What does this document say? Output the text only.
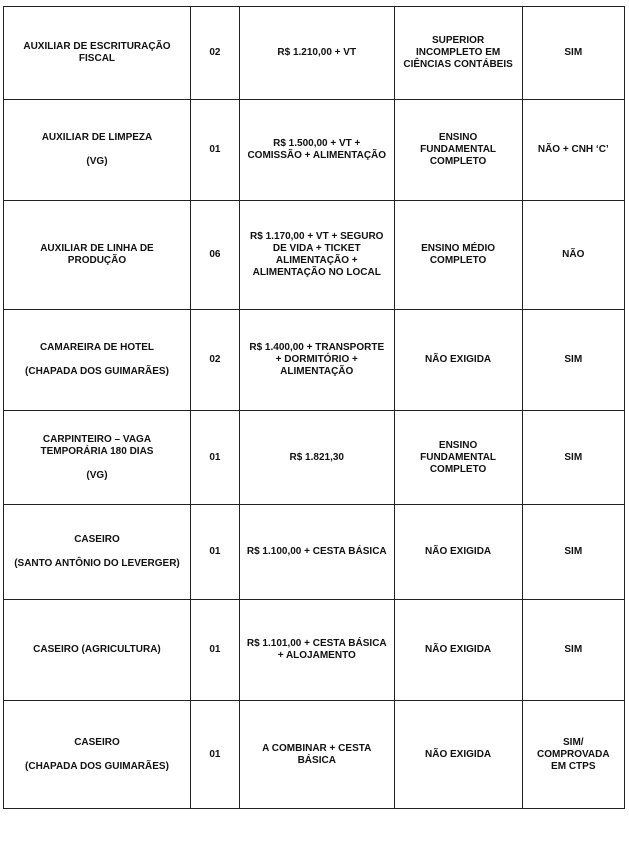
AUXILIAR DE ESCRITURAÇÃO FISCAL	02	R$ 1.210,00 + VT	SUPERIOR INCOMPLETO EM CIÊNCIAS CONTÁBEIS	SIM

AUXILIAR DE LIMPEZA
(VG)	01	R$ 1.500,00 + VT + COMISSÃO + ALIMENTAÇÃO	ENSINO FUNDAMENTAL COMPLETO	NÃO + CNH ‘C’

AUXILIAR DE LINHA DE PRODUÇÃO	06	R$ 1.170,00 + VT + SEGURO DE VIDA + TICKET ALIMENTAÇÃO + ALIMENTAÇÃO NO LOCAL	ENSINO MÉDIO COMPLETO	NÃO

CAMAREIRA DE HOTEL
(CHAPADA DOS GUIMARÃES)	02	R$ 1.400,00 + TRANSPORTE + DORMITÓRIO + ALIMENTAÇÃO	NÃO EXIGIDA	SIM

CARPINTEIRO – VAGA TEMPORÁRIA 180 DIAS
(VG)	01	R$ 1.821,30	ENSINO FUNDAMENTAL COMPLETO	SIM

CASEIRO
(SANTO ANTÔNIO DO LEVERGER)	01	R$ 1.100,00 + CESTA BÁSICA	NÃO EXIGIDA	SIM

CASEIRO (AGRICULTURA)	01	R$ 1.101,00 + CESTA BÁSICA + ALOJAMENTO	NÃO EXIGIDA	SIM

CASEIRO
(CHAPADA DOS GUIMARÃES)	01	A COMBINAR + CESTA BÁSICA	NÃO EXIGIDA	SIM/ COMPROVADA EM CTPS
